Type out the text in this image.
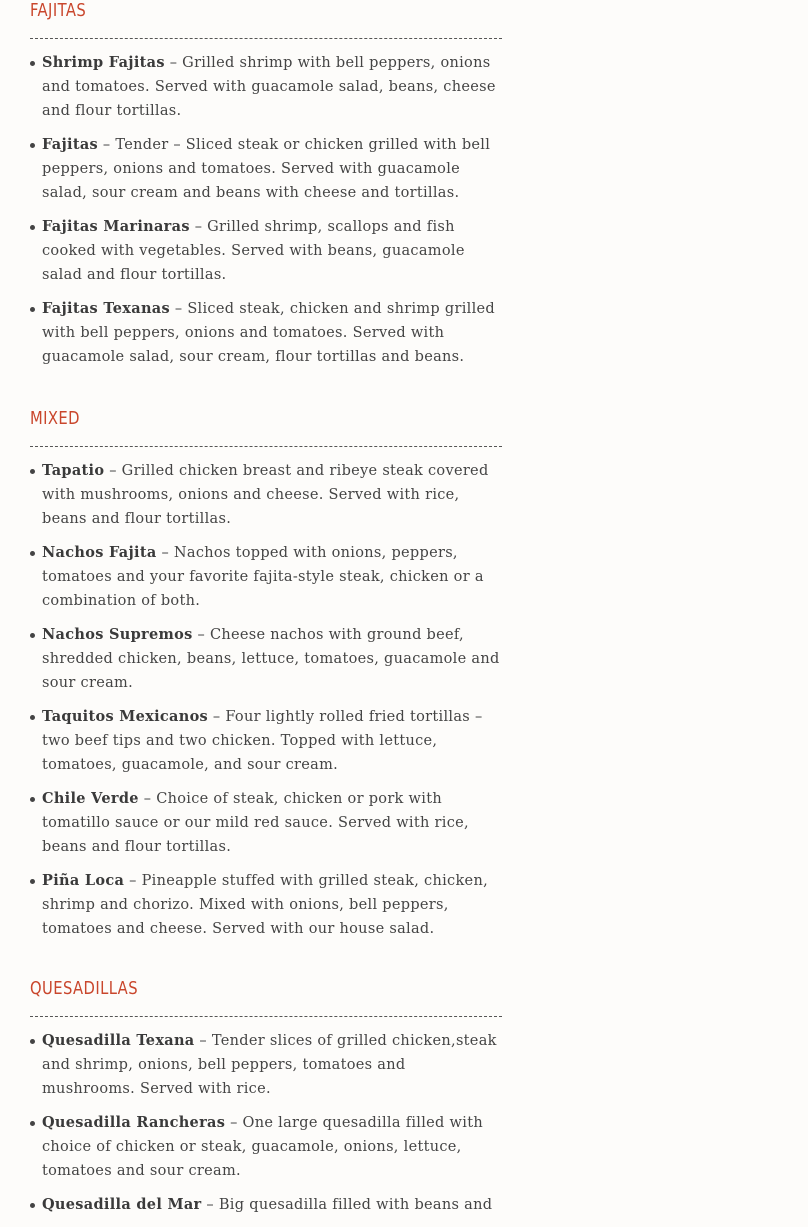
FAJITAS
Shrimp Fajitas – Grilled shrimp with bell peppers, onions and tomatoes. Served with guacamole salad, beans, cheese and flour tortillas.
Fajitas – Tender – Sliced steak or chicken grilled with bell peppers, onions and tomatoes. Served with guacamole salad, sour cream and beans with cheese and tortillas.
Fajitas Marinaras – Grilled shrimp, scallops and fish cooked with vegetables. Served with beans, guacamole salad and flour tortillas.
Fajitas Texanas – Sliced steak, chicken and shrimp grilled with bell peppers, onions and tomatoes. Served with guacamole salad, sour cream, flour tortillas and beans.
MIXED
Tapatio – Grilled chicken breast and ribeye steak covered with mushrooms, onions and cheese. Served with rice, beans and flour tortillas.
Nachos Fajita – Nachos topped with onions, peppers, tomatoes and your favorite fajita-style steak, chicken or a combination of both.
Nachos Supremos – Cheese nachos with ground beef, shredded chicken, beans, lettuce, tomatoes, guacamole and sour cream.
Taquitos Mexicanos – Four lightly rolled fried tortillas – two beef tips and two chicken. Topped with lettuce, tomatoes, guacamole, and sour cream.
Chile Verde – Choice of steak, chicken or pork with tomatillo sauce or our mild red sauce. Served with rice, beans and flour tortillas.
Piña Loca – Pineapple stuffed with grilled steak, chicken, shrimp and chorizo. Mixed with onions, bell peppers, tomatoes and cheese. Served with our house salad.
QUESADILLAS
Quesadilla Texana – Tender slices of grilled chicken,steak and shrimp, onions, bell peppers, tomatoes and mushrooms. Served with rice.
Quesadilla Rancheras – One large quesadilla filled with choice of chicken or steak, guacamole, onions, lettuce, tomatoes and sour cream.
Quesadilla del Mar – Big quesadilla filled with beans and
